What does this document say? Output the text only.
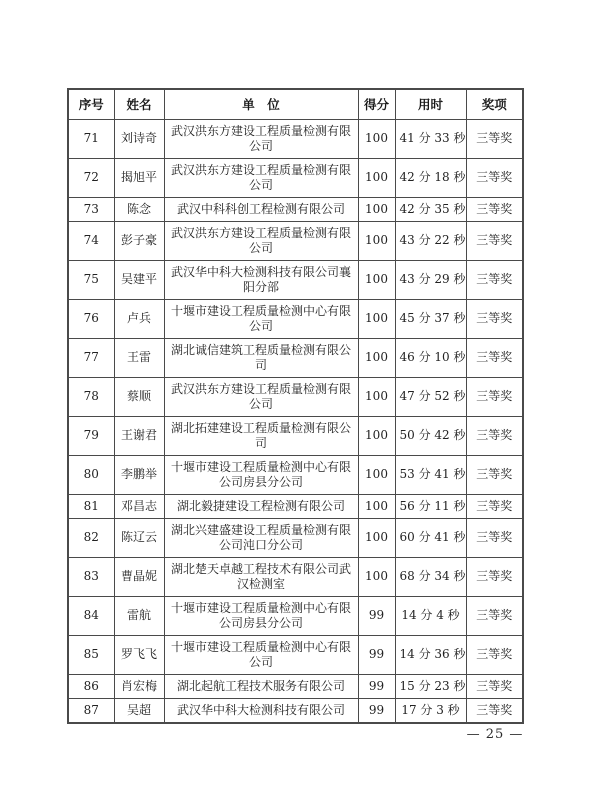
序号	姓名	单　位	得分	用时	奖项
71	刘诗奇	武汉洪东方建设工程质量检测有限公司	100	41 分 33 秒	三等奖
72	揭旭平	武汉洪东方建设工程质量检测有限公司	100	42 分 18 秒	三等奖
73	陈念	武汉中科科创工程检测有限公司	100	42 分 35 秒	三等奖
74	彭子豪	武汉洪东方建设工程质量检测有限公司	100	43 分 22 秒	三等奖
75	吴建平	武汉华中科大检测科技有限公司襄阳分部	100	43 分 29 秒	三等奖
76	卢兵	十堰市建设工程质量检测中心有限公司	100	45 分 37 秒	三等奖
77	王雷	湖北诚信建筑工程质量检测有限公司	100	46 分 10 秒	三等奖
78	蔡顺	武汉洪东方建设工程质量检测有限公司	100	47 分 52 秒	三等奖
79	王谢君	湖北拓建建设工程质量检测有限公司	100	50 分 42 秒	三等奖
80	李鹏举	十堰市建设工程质量检测中心有限公司房县分公司	100	53 分 41 秒	三等奖
81	邓昌志	湖北毅捷建设工程检测有限公司	100	56 分 11 秒	三等奖
82	陈辽云	湖北兴建盛建设工程质量检测有限公司沌口分公司	100	60 分 41 秒	三等奖
83	曹晶妮	湖北楚天卓越工程技术有限公司武汉检测室	100	68 分 34 秒	三等奖
84	雷航	十堰市建设工程质量检测中心有限公司房县分公司	99	14 分 4 秒	三等奖
85	罗飞飞	十堰市建设工程质量检测中心有限公司	99	14 分 36 秒	三等奖
86	肖宏梅	湖北起航工程技术服务有限公司	99	15 分 23 秒	三等奖
87	吴超	武汉华中科大检测科技有限公司	99	17 分 3 秒	三等奖
— 25 —
